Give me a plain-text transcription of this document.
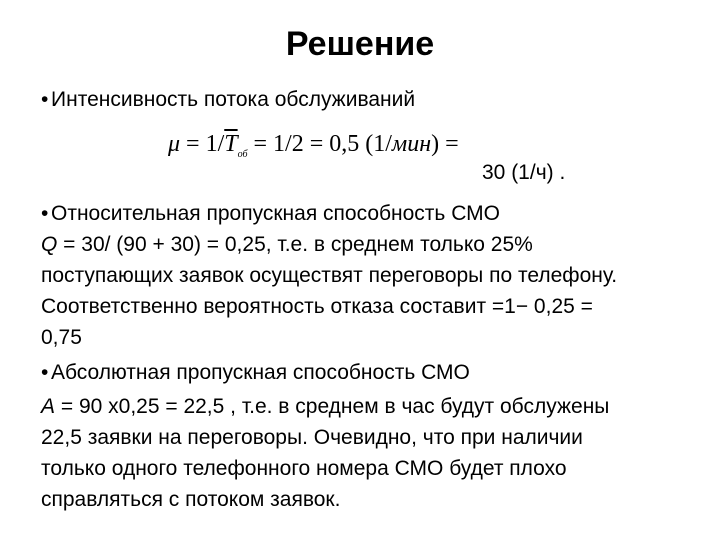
Решение
• Интенсивность потока обслуживаний
$\mu = 1/\overline{T}_{об} = 1/2 = 0,5$ (1/мин) =
30 (1/ч) .
• Относительная пропускная способность СМО
Q = 30/ (90 + 30) = 0,25, т.е. в среднем только 25%
поступающих заявок осуществят переговоры по телефону.
Соответственно вероятность отказа составит =1− 0,25 =
0,75
• Абсолютная пропускная способность СМО
A = 90 х0,25 = 22,5 , т.е. в среднем в час будут обслужены
22,5 заявки на переговоры. Очевидно, что при наличии
только одного телефонного номера СМО будет плохо
справляться с потоком заявок.
